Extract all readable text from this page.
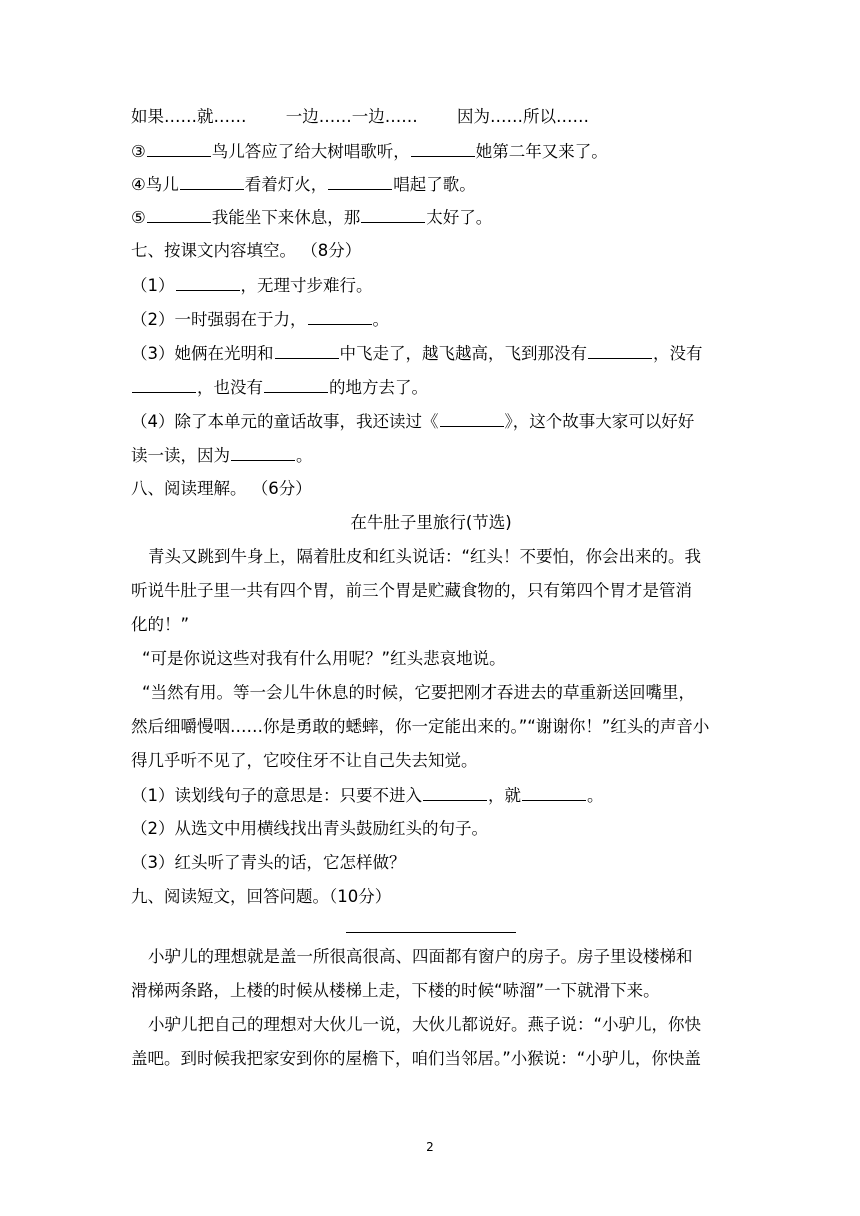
如果……就…… 一边……一边…… 因为……所以……
③	鸟儿答应了给大树唱歌听，	她第二年又来了。
④鸟儿	看着灯火，	唱起了歌。
⑤	我能坐下来休息，那	太好了。
七、按课文内容填空。 （8分）
（1）	，无理寸步难行。
（2）一时强弱在于力，	。
（3）她俩在光明和	中飞走了，越飞越高，飞到那没有	，没有
，也没有	的地方去了。
（4）除了本单元的童话故事，我还读过《	》，这个故事大家可以好好
读一读，因为	。
八、阅读理解。 （6分）
在牛肚子里旅行(节选)
青头又跳到牛身上，隔着肚皮和红头说话：“红头！不要怕，你会出来的。我
听说牛肚子里一共有四个胃，前三个胃是贮藏食物的，只有第四个胃才是管消
化的！”
“可是你说这些对我有什么用呢？”红头悲哀地说。
“当然有用。等一会儿牛休息的时候，它要把刚才吞进去的草重新送回嘴里，
然后细嚼慢咽……你是勇敢的蟋蟀，你一定能出来的。”“谢谢你！”红头的声音小
得几乎听不见了，它咬住牙不让自己失去知觉。
（1）读划线句子的意思是：只要不进入	，就	。
（2）从选文中用横线找出青头鼓励红头的句子。
（3）红头听了青头的话，它怎样做？
九、阅读短文，回答问题。（10分）
小驴儿的理想就是盖一所很高很高、四面都有窗户的房子。房子里设楼梯和
滑梯两条路，上楼的时候从楼梯上走，下楼的时候“哧溜”一下就滑下来。
小驴儿把自己的理想对大伙儿一说，大伙儿都说好。燕子说：“小驴儿，你快
盖吧。到时候我把家安到你的屋檐下，咱们当邻居。”小猴说：“小驴儿，你快盖
2
